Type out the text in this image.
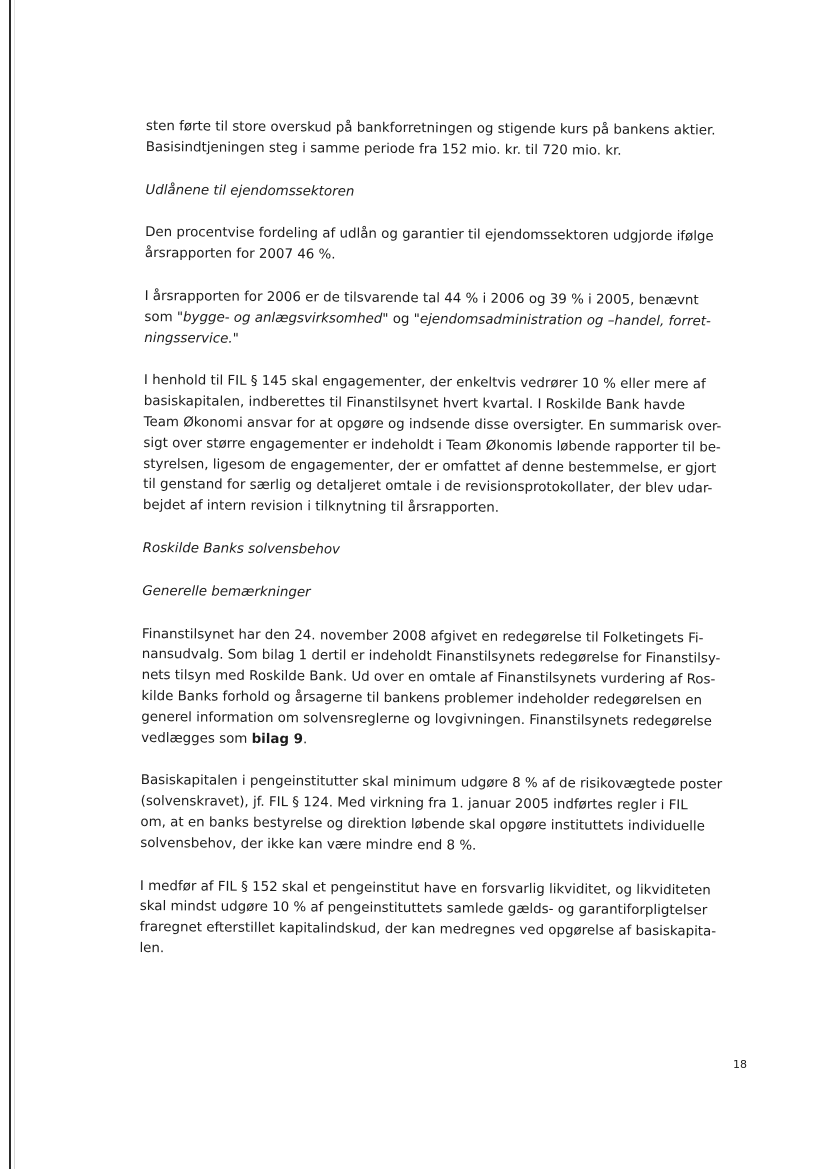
sten førte til store overskud på bankforretningen og stigende kurs på bankens aktier.
Basisindtjeningen steg i samme periode fra 152 mio. kr. til 720 mio. kr.
Udlånene til ejendomssektoren
Den procentvise fordeling af udlån og garantier til ejendomssektoren udgjorde ifølge
årsrapporten for 2007 46 %.
I årsrapporten for 2006 er de tilsvarende tal 44 % i 2006 og 39 % i 2005, benævnt
som "bygge- og anlægsvirksomhed" og "ejendomsadministration og –handel, forret-
ningsservice."
I henhold til FIL § 145 skal engagementer, der enkeltvis vedrører 10 % eller mere af
basiskapitalen, indberettes til Finanstilsynet hvert kvartal. I Roskilde Bank havde
Team Økonomi ansvar for at opgøre og indsende disse oversigter. En summarisk over-
sigt over større engagementer er indeholdt i Team Økonomis løbende rapporter til be-
styrelsen, ligesom de engagementer, der er omfattet af denne bestemmelse, er gjort
til genstand for særlig og detaljeret omtale i de revisionsprotokollater, der blev udar-
bejdet af intern revision i tilknytning til årsrapporten.
Roskilde Banks solvensbehov
Generelle bemærkninger
Finanstilsynet har den 24. november 2008 afgivet en redegørelse til Folketingets Fi-
nansudvalg. Som bilag 1 dertil er indeholdt Finanstilsynets redegørelse for Finanstilsy-
nets tilsyn med Roskilde Bank. Ud over en omtale af Finanstilsynets vurdering af Ros-
kilde Banks forhold og årsagerne til bankens problemer indeholder redegørelsen en
generel information om solvensreglerne og lovgivningen. Finanstilsynets redegørelse
vedlægges som bilag 9.
Basiskapitalen i pengeinstitutter skal minimum udgøre 8 % af de risikovægtede poster
(solvenskravet), jf. FIL § 124. Med virkning fra 1. januar 2005 indførtes regler i FIL
om, at en banks bestyrelse og direktion løbende skal opgøre instituttets individuelle
solvensbehov, der ikke kan være mindre end 8 %.
I medfør af FIL § 152 skal et pengeinstitut have en forsvarlig likviditet, og likviditeten
skal mindst udgøre 10 % af pengeinstituttets samlede gælds- og garantiforpligtelser
fraregnet efterstillet kapitalindskud, der kan medregnes ved opgørelse af basiskapita-
len.
18
